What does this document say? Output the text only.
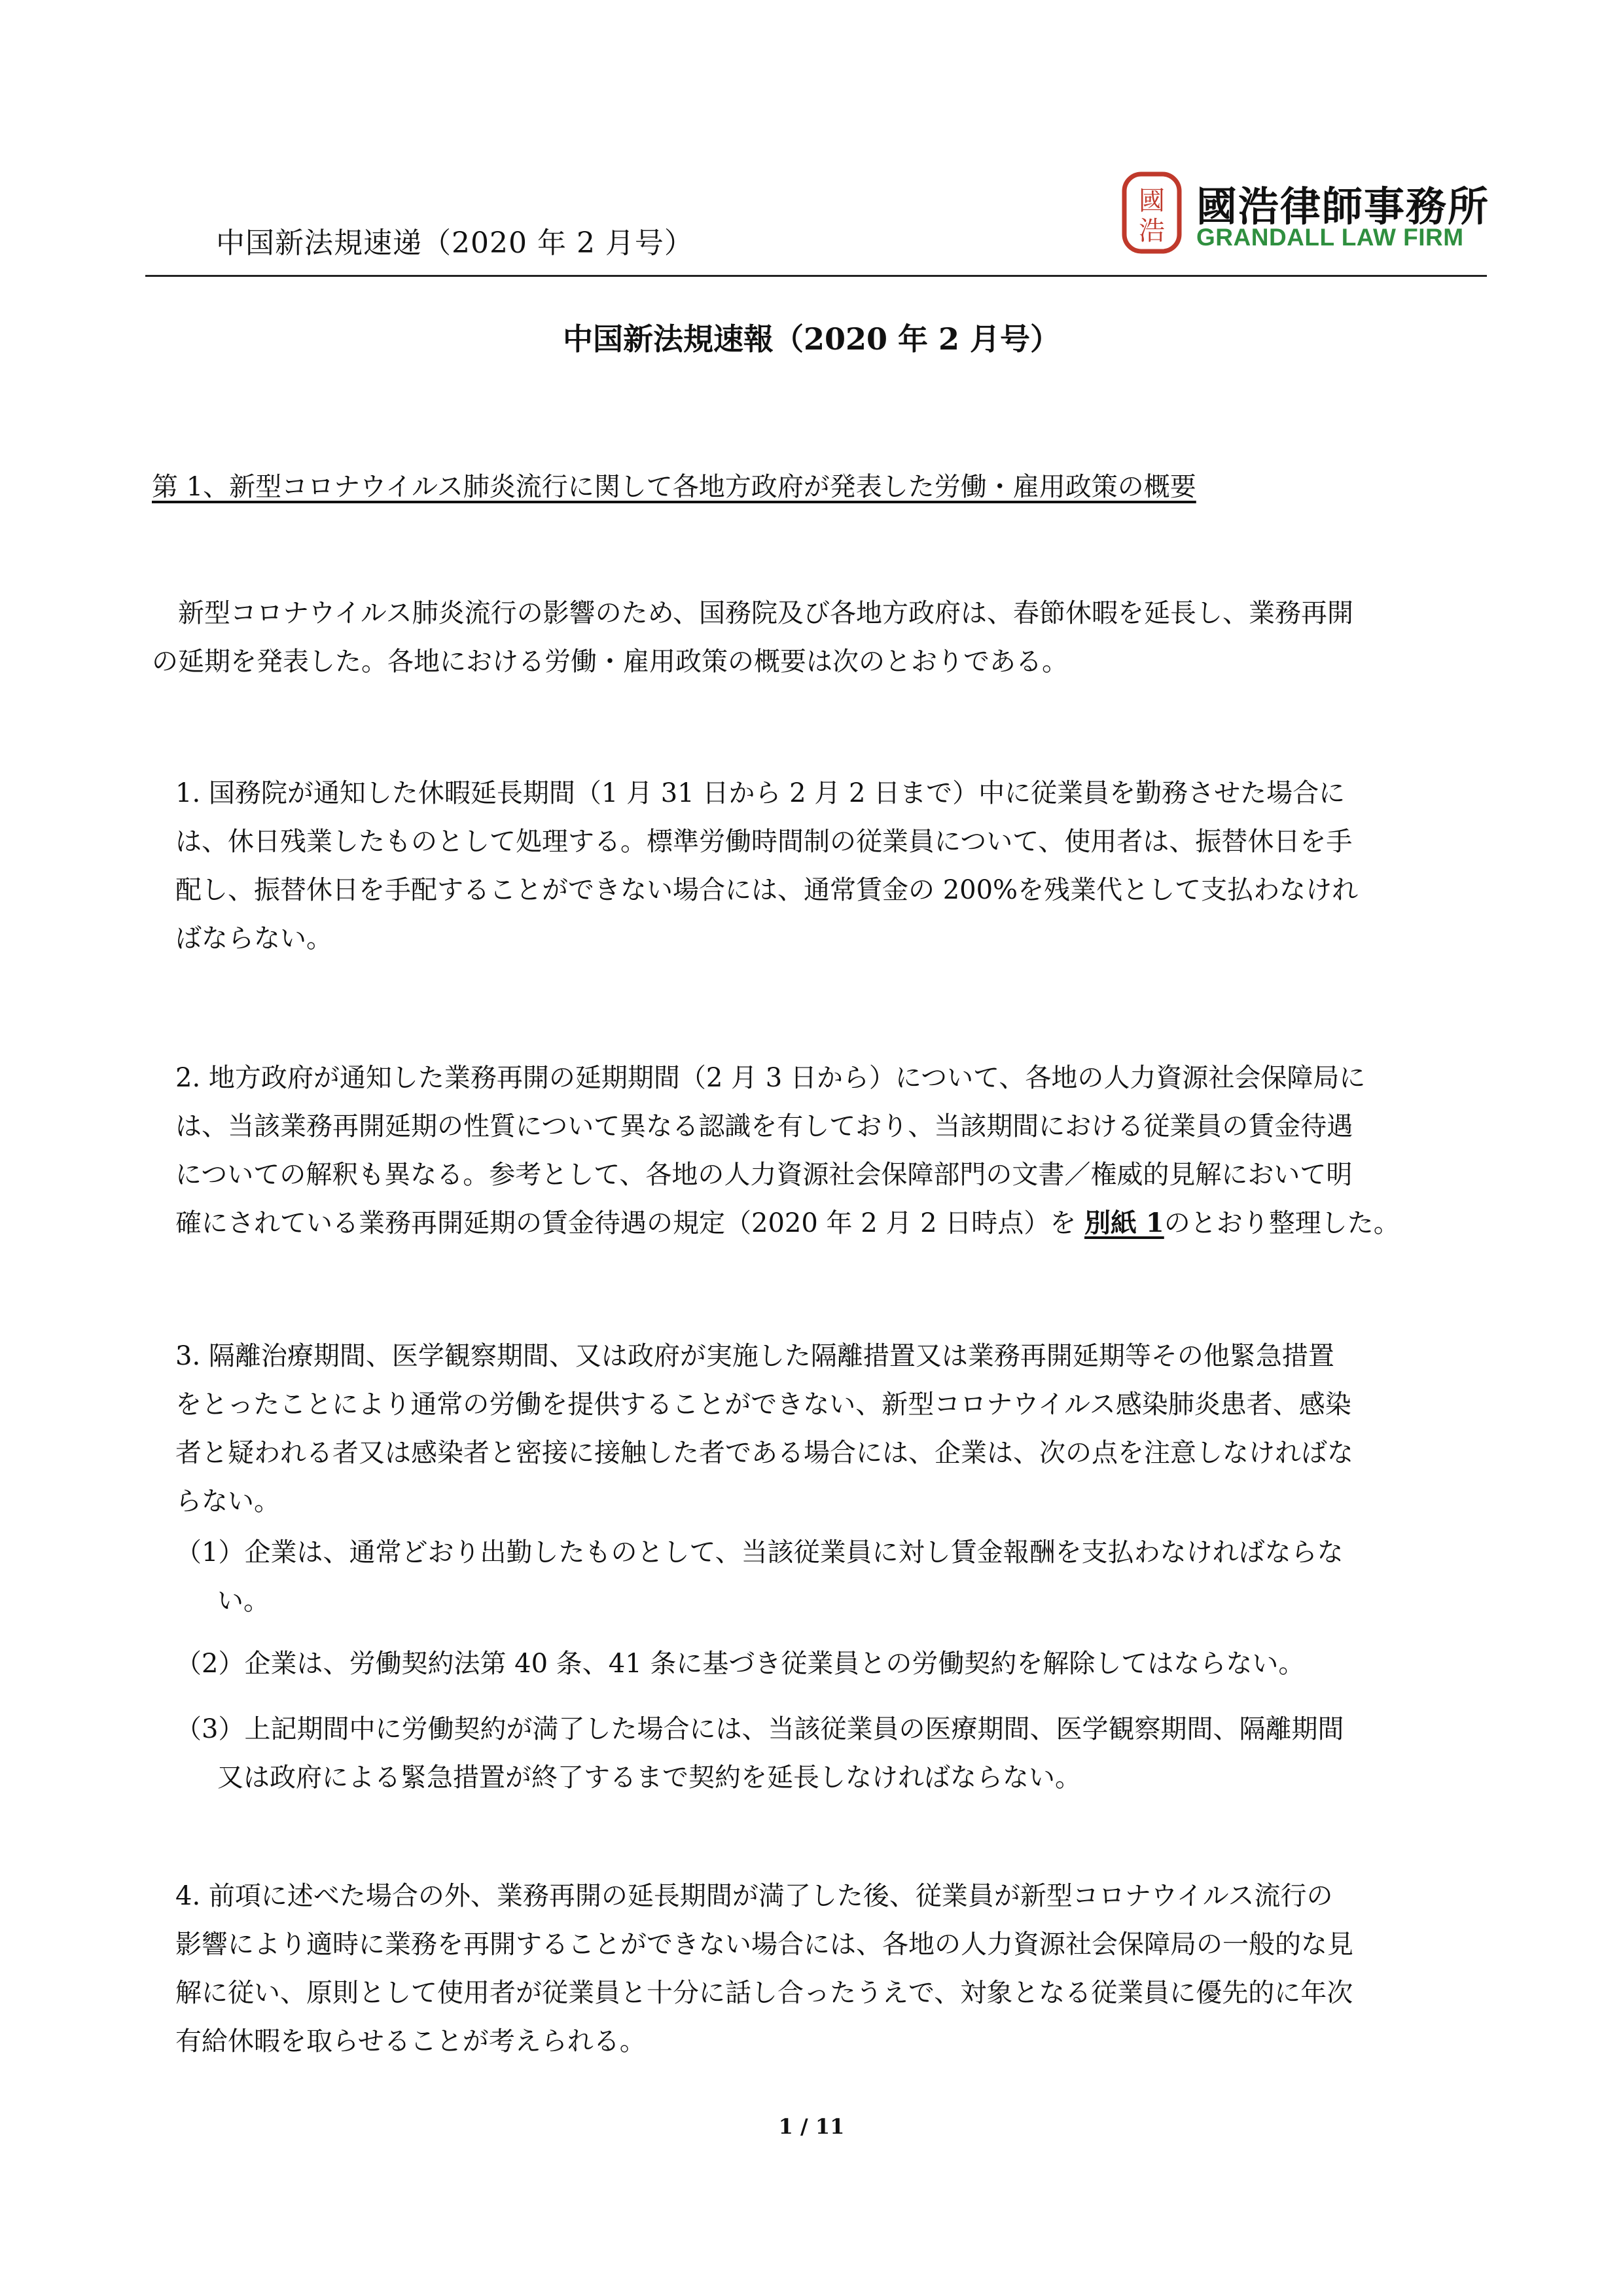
中国新法規速递（2020 年 2 月号）
國
浩
國浩律師事務所
GRANDALL LAW FIRM
中国新法規速報（2020 年 2 月号）
第 1、新型コロナウイルス肺炎流行に関して各地方政府が発表した労働・雇用政策の概要
新型コロナウイルス肺炎流行の影響のため、国務院及び各地方政府は、春節休暇を延長し、業務再開
の延期を発表した。各地における労働・雇用政策の概要は次のとおりである。
1. 国務院が通知した休暇延長期間（1 月 31 日から 2 月 2 日まで）中に従業員を勤務させた場合に
は、休日残業したものとして処理する。標準労働時間制の従業員について、使用者は、振替休日を手
配し、振替休日を手配することができない場合には、通常賃金の 200%を残業代として支払わなけれ
ばならない。
2. 地方政府が通知した業務再開の延期期間（2 月 3 日から）について、各地の人力資源社会保障局に
は、当該業務再開延期の性質について異なる認識を有しており、当該期間における従業員の賃金待遇
についての解釈も異なる。参考として、各地の人力資源社会保障部門の文書／権威的見解において明
確にされている業務再開延期の賃金待遇の規定（2020 年 2 月 2 日時点）を 別紙 1のとおり整理した。
3. 隔離治療期間、医学観察期間、又は政府が実施した隔離措置又は業務再開延期等その他緊急措置
をとったことにより通常の労働を提供することができない、新型コロナウイルス感染肺炎患者、感染
者と疑われる者又は感染者と密接に接触した者である場合には、企業は、次の点を注意しなければな
らない。
（1）企業は、通常どおり出勤したものとして、当該従業員に対し賃金報酬を支払わなければならな
い。
（2）企業は、労働契約法第 40 条、41 条に基づき従業員との労働契約を解除してはならない。
（3）上記期間中に労働契約が満了した場合には、当該従業員の医療期間、医学観察期間、隔離期間
又は政府による緊急措置が終了するまで契約を延長しなければならない。
4. 前項に述べた場合の外、業務再開の延長期間が満了した後、従業員が新型コロナウイルス流行の
影響により適時に業務を再開することができない場合には、各地の人力資源社会保障局の一般的な見
解に従い、原則として使用者が従業員と十分に話し合ったうえで、対象となる従業員に優先的に年次
有給休暇を取らせることが考えられる。
1 / 11
